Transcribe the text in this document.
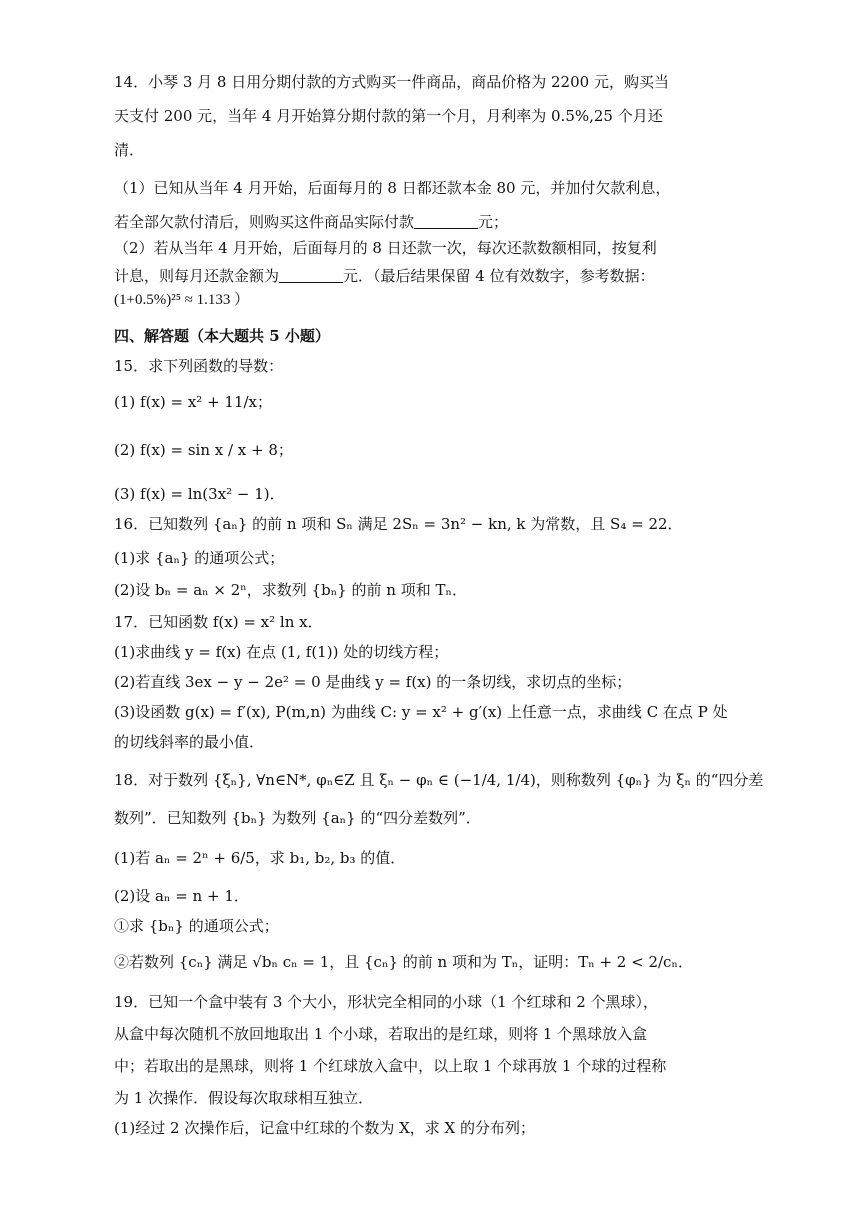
14．小琴 3 月 8 日用分期付款的方式购买一件商品，商品价格为 2200 元，购买当
天支付 200 元，当年 4 月开始算分期付款的第一个月，月利率为 0.5%,25 个月还
清．
（1）已知从当年 4 月开始，后面每月的 8 日都还款本金 80 元，并加付欠款利息，
若全部欠款付清后，则购买这件商品实际付款	元；
（2）若从当年 4 月开始，后面每月的 8 日还款一次，每次还款数额相同，按复利
计息，则每月还款金额为	元．（最后结果保留 4 位有效数字，参考数据：
(1+0.5%)²⁵ ≈ 1.133 ）
四、解答题（本大题共 5 小题）
15．求下列函数的导数：
(1) f(x) = x² + 11/x；
(2) f(x) = sin x / x + 8；
(3) f(x) = ln(3x² − 1)．
16．已知数列 {aₙ} 的前 n 项和 Sₙ 满足 2Sₙ = 3n² − kn, k 为常数，且 S₄ = 22．
(1)求 {aₙ} 的通项公式；
(2)设 bₙ = aₙ × 2ⁿ，求数列 {bₙ} 的前 n 项和 Tₙ．
17．已知函数 f(x) = x² ln x．
(1)求曲线 y = f(x) 在点 (1, f(1)) 处的切线方程；
(2)若直线 3ex − y − 2e² = 0 是曲线 y = f(x) 的一条切线，求切点的坐标；
(3)设函数 g(x) = f′(x), P(m,n) 为曲线 C: y = x² + g′(x) 上任意一点，求曲线 C 在点 P 处
的切线斜率的最小值．
18．对于数列 {ξₙ}, ∀n∈N*, φₙ∈Z 且 ξₙ − φₙ ∈ (−1/4, 1/4)，则称数列 {φₙ} 为 ξₙ 的“四分差
数列”．已知数列 {bₙ} 为数列 {aₙ} 的“四分差数列”．
(1)若 aₙ = 2ⁿ + 6/5，求 b₁, b₂, b₃ 的值．
(2)设 aₙ = n + 1．
①求 {bₙ} 的通项公式；
②若数列 {cₙ} 满足 √bₙ cₙ = 1，且 {cₙ} 的前 n 项和为 Tₙ，证明：Tₙ + 2 < 2/cₙ．
19．已知一个盒中装有 3 个大小，形状完全相同的小球（1 个红球和 2 个黑球），
从盒中每次随机不放回地取出 1 个小球，若取出的是红球，则将 1 个黑球放入盒
中；若取出的是黑球，则将 1 个红球放入盒中，以上取 1 个球再放 1 个球的过程称
为 1 次操作．假设每次取球相互独立．
(1)经过 2 次操作后，记盒中红球的个数为 X，求 X 的分布列；
